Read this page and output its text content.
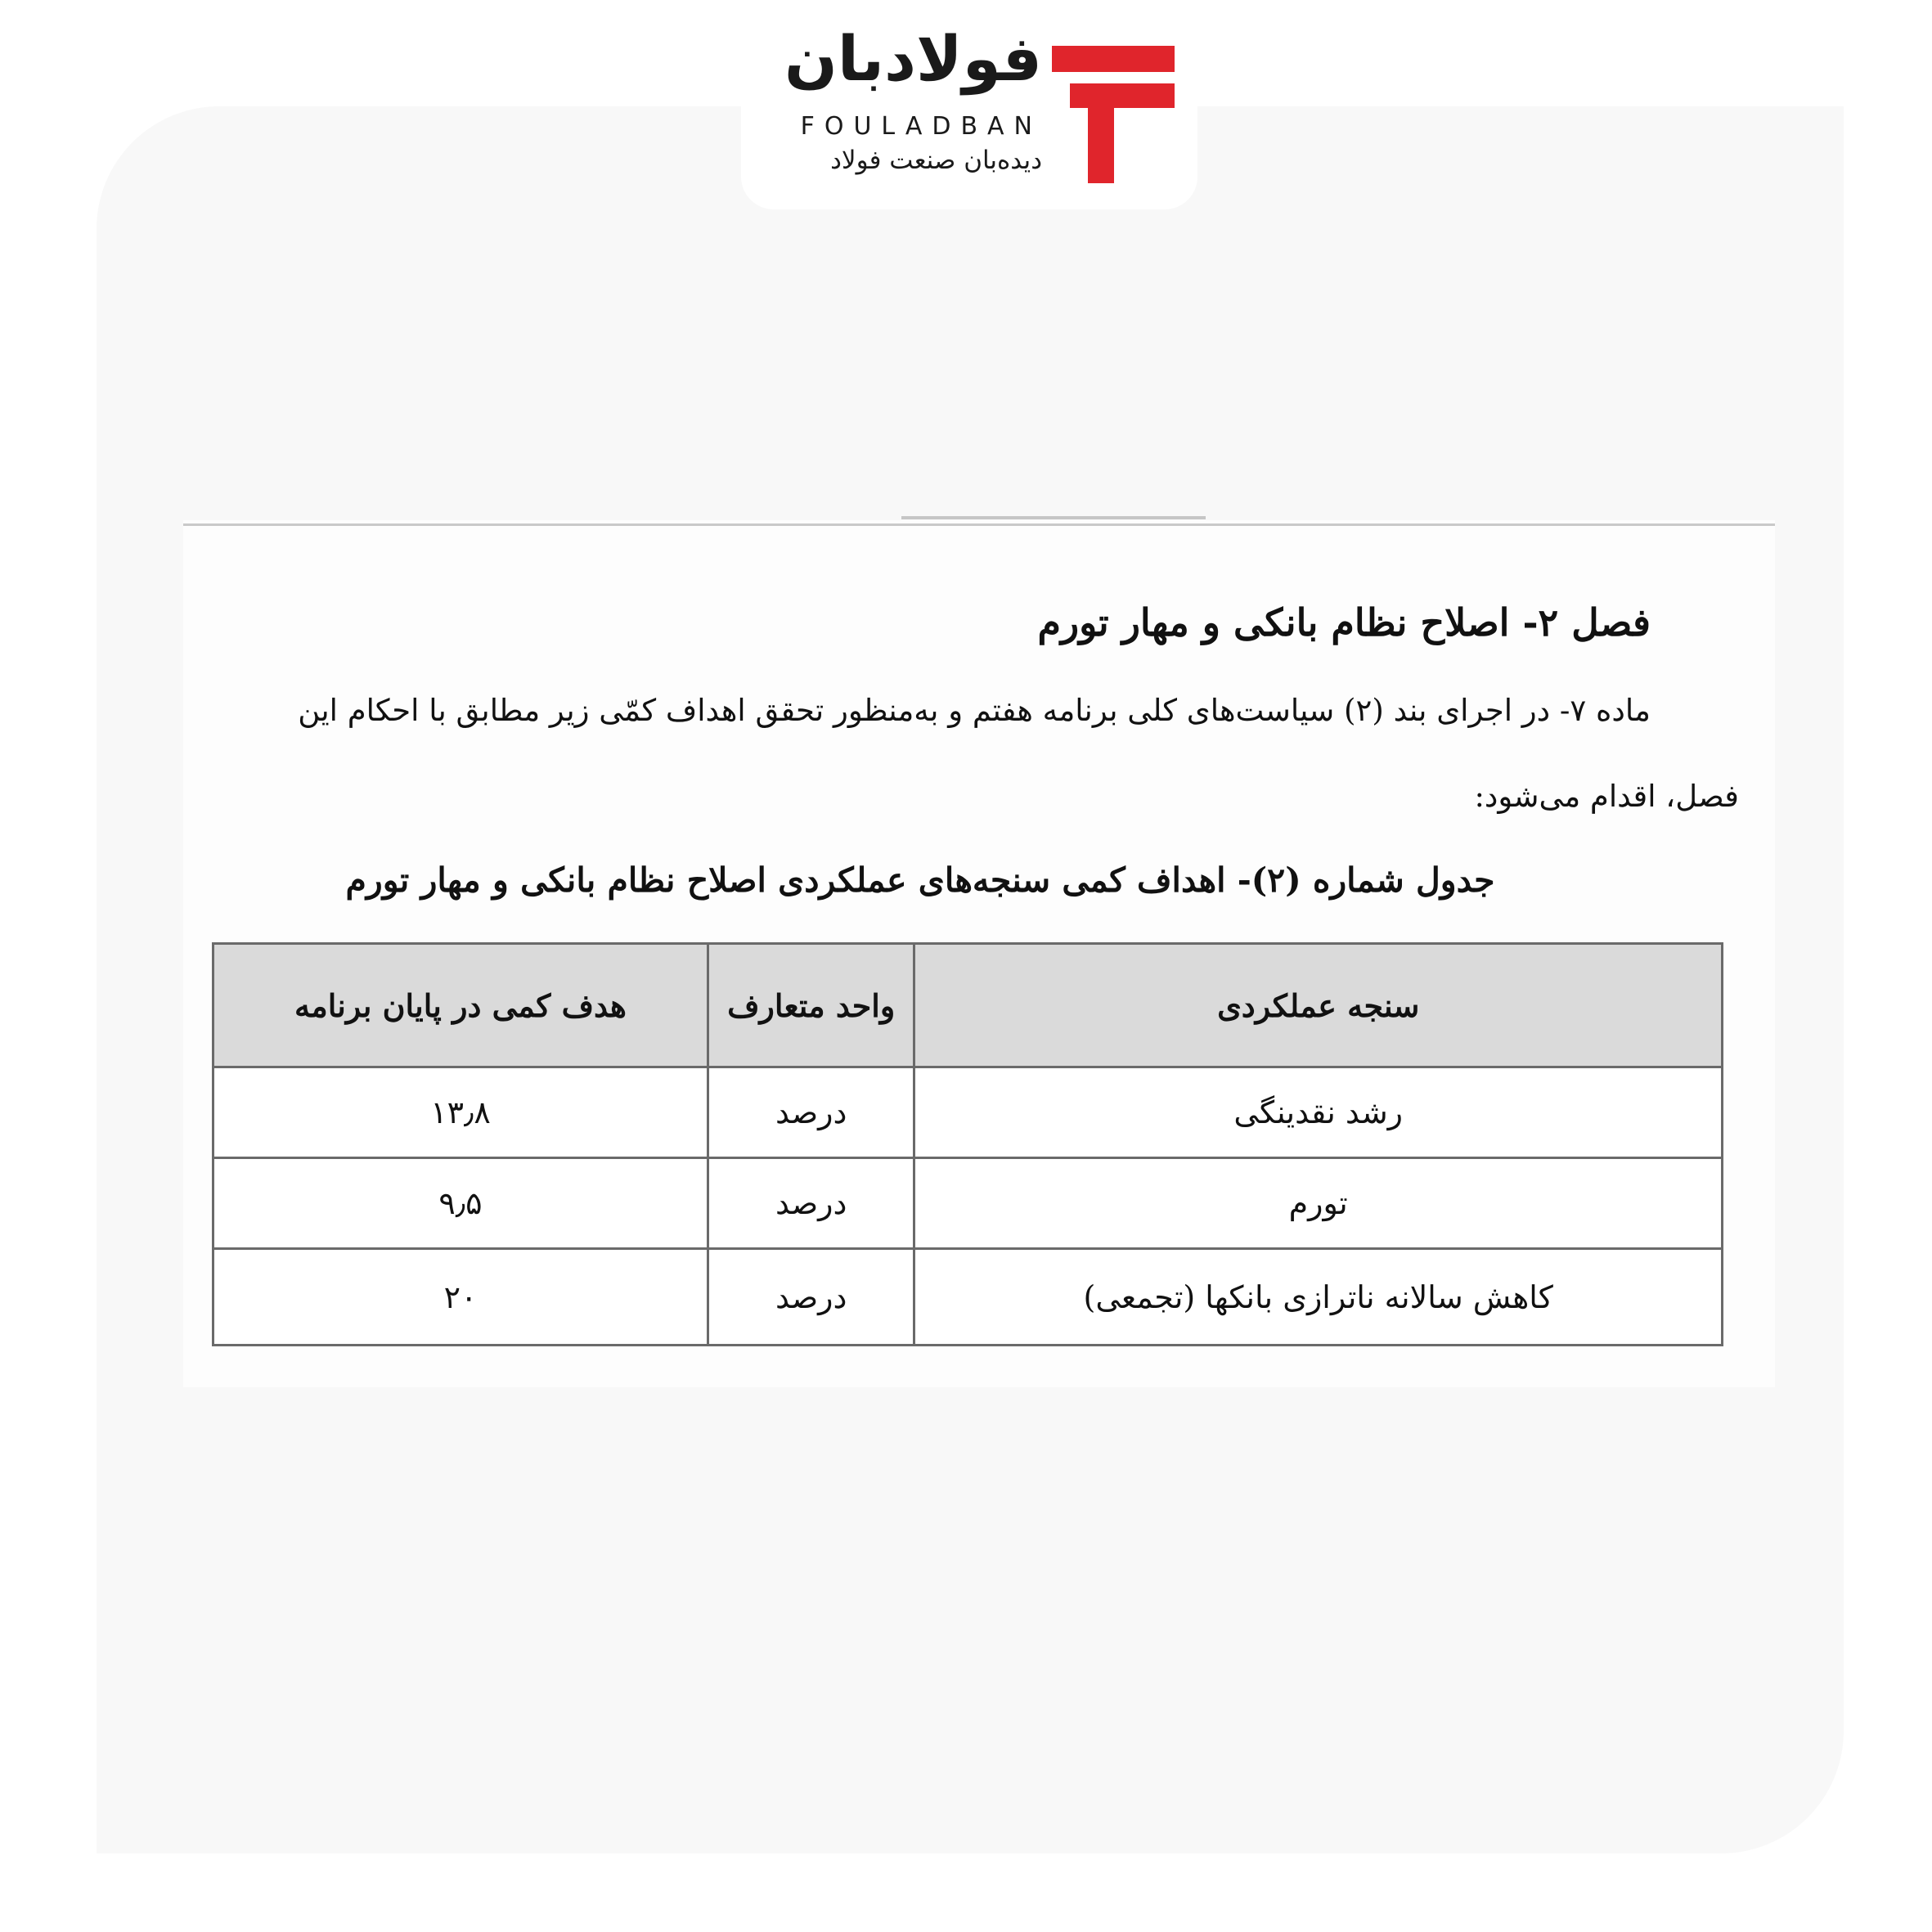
فولادبان
FOULADBAN
دیده‌بان صنعت فولاد
فصل ۲- اصلاح نظام بانکی و مهار تورم
ماده ۷- در اجرای بند (۲) سیاست‌های کلی برنامه هفتم و به‌منظور تحقق اهداف کمّی زیر مطابق با احکام این
فصل، اقدام می‌شود:
جدول شماره (۲)- اهداف کمی سنجه‌های عملکردی اصلاح نظام بانکی و مهار تورم
سنجه عملکردی	واحد متعارف	هدف کمی در پایان برنامه
رشد نقدینگی	درصد	۱۳٫۸
تورم	درصد	۹٫۵
کاهش سالانه ناترازی بانکها (تجمعی)	درصد	۲۰
